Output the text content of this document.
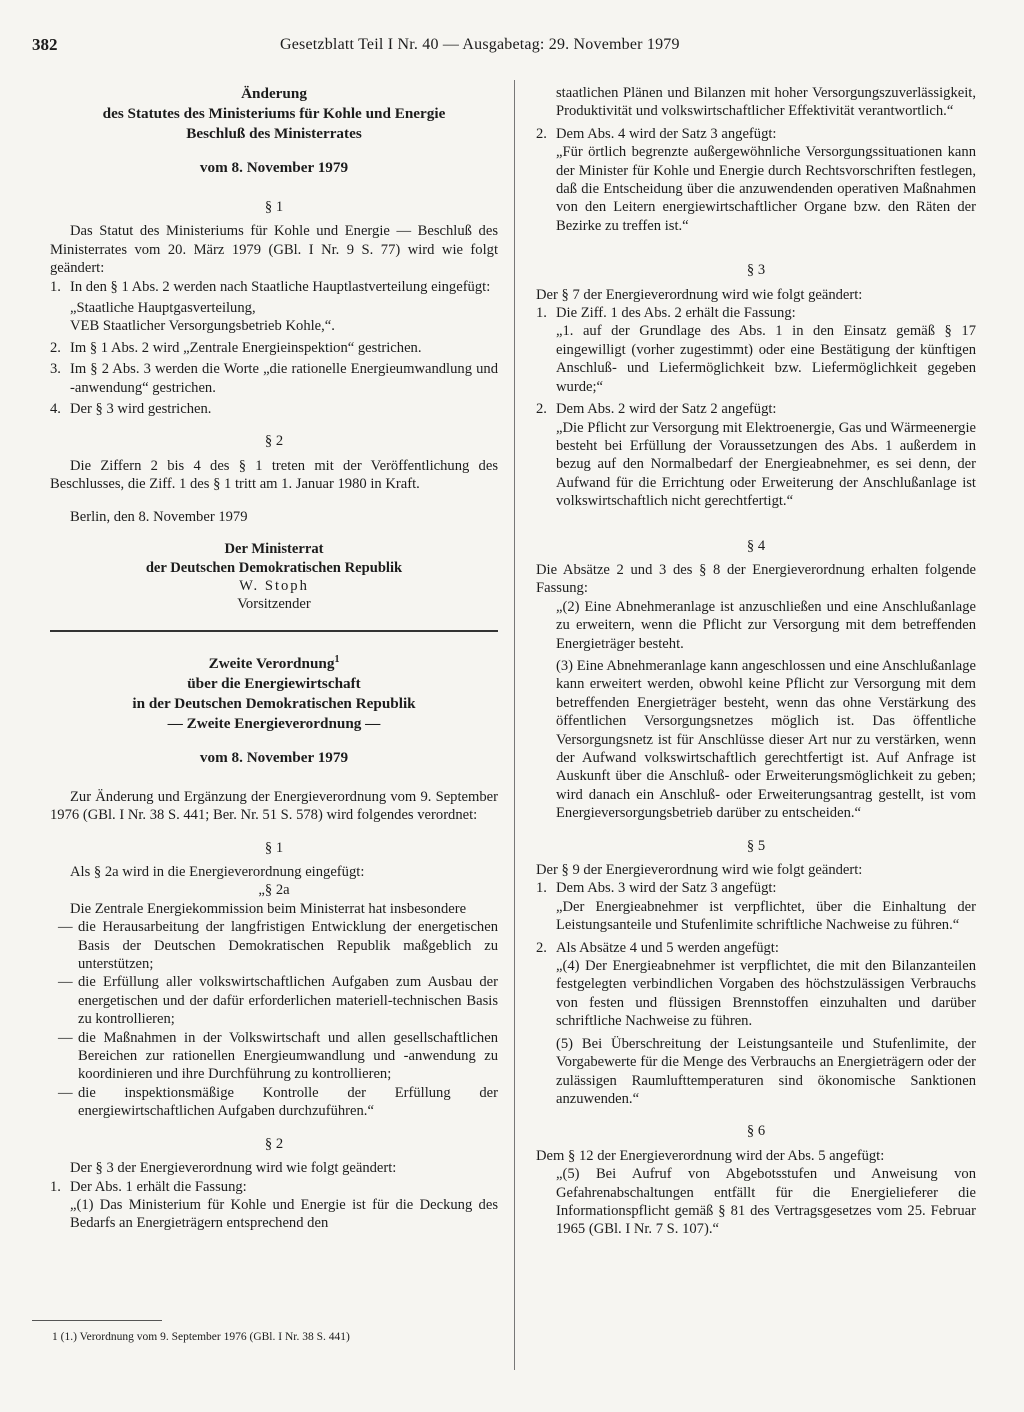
382	Gesetzblatt Teil I Nr. 40 — Ausgabetag: 29. November 1979

Änderung

des Statutes des Ministeriums für Kohle und Energie

Beschluß des Ministerrates

vom 8. November 1979

§ 1

Das Statut des Ministeriums für Kohle und Energie — Beschluß des Ministerrates vom 20. März 1979 (GBl. I Nr. 9 S. 77) wird wie folgt geändert:

1. In den § 1 Abs. 2 werden nach Staatliche Hauptlastverteilung eingefügt:

„Staatliche Hauptgasverteilung,

VEB Staatlicher Versorgungsbetrieb Kohle,“.

2. Im § 1 Abs. 2 wird „Zentrale Energieinspektion“ gestrichen.

3. Im § 2 Abs. 3 werden die Worte „die rationelle Energieumwandlung und -anwendung“ gestrichen.

4. Der § 3 wird gestrichen.

§ 2

Die Ziffern 2 bis 4 des § 1 treten mit der Veröffentlichung des Beschlusses, die Ziff. 1 des § 1 tritt am 1. Januar 1980 in Kraft.

Berlin, den 8. November 1979

Der Ministerrat

der Deutschen Demokratischen Republik

W. Stoph

Vorsitzender

Zweite Verordnung$^1$

über die Energiewirtschaft

in der Deutschen Demokratischen Republik

— Zweite Energieverordnung —

vom 8. November 1979

Zur Änderung und Ergänzung der Energieverordnung vom 9. September 1976 (GBl. I Nr. 38 S. 441; Ber. Nr. 51 S. 578) wird folgendes verordnet:

§ 1

Als § 2a wird in die Energieverordnung eingefügt:

„§ 2a

Die Zentrale Energiekommission beim Ministerrat hat insbesondere

— die Herausarbeitung der langfristigen Entwicklung der energetischen Basis der Deutschen Demokratischen Republik maßgeblich zu unterstützen;

— die Erfüllung aller volkswirtschaftlichen Aufgaben zum Ausbau der energetischen und der dafür erforderlichen materiell-technischen Basis zu kontrollieren;

— die Maßnahmen in der Volkswirtschaft und allen gesellschaftlichen Bereichen zur rationellen Energieumwandlung und -anwendung zu koordinieren und ihre Durchführung zu kontrollieren;

— die inspektionsmäßige Kontrolle der Erfüllung der energiewirtschaftlichen Aufgaben durchzuführen.“

§ 2

Der § 3 der Energieverordnung wird wie folgt geändert:

1. Der Abs. 1 erhält die Fassung:

„(1) Das Ministerium für Kohle und Energie ist für die Deckung des Bedarfs an Energieträgern entsprechend den

staatlichen Plänen und Bilanzen mit hoher Versorgungszuverlässigkeit, Produktivität und volkswirtschaftlicher Effektivität verantwortlich.“

2. Dem Abs. 4 wird der Satz 3 angefügt:

„Für örtlich begrenzte außergewöhnliche Versorgungssituationen kann der Minister für Kohle und Energie durch Rechtsvorschriften festlegen, daß die Entscheidung über die anzuwendenden operativen Maßnahmen von den Leitern energiewirtschaftlicher Organe bzw. den Räten der Bezirke zu treffen ist.“

§ 3

Der § 7 der Energieverordnung wird wie folgt geändert:

1. Die Ziff. 1 des Abs. 2 erhält die Fassung:

„1. auf der Grundlage des Abs. 1 in den Einsatz gemäß § 17 eingewilligt (vorher zugestimmt) oder eine Bestätigung der künftigen Anschluß- und Liefermöglichkeit bzw. Liefermöglichkeit gegeben wurde;“

2. Dem Abs. 2 wird der Satz 2 angefügt:

„Die Pflicht zur Versorgung mit Elektroenergie, Gas und Wärmeenergie besteht bei Erfüllung der Voraussetzungen des Abs. 1 außerdem in bezug auf den Normalbedarf der Energieabnehmer, es sei denn, der Aufwand für die Errichtung oder Erweiterung der Anschlußanlage ist volkswirtschaftlich nicht gerechtfertigt.“

§ 4

Die Absätze 2 und 3 des § 8 der Energieverordnung erhalten folgende Fassung:

„(2) Eine Abnehmeranlage ist anzuschließen und eine Anschlußanlage zu erweitern, wenn die Pflicht zur Versorgung mit dem betreffenden Energieträger besteht.

(3) Eine Abnehmeranlage kann angeschlossen und eine Anschlußanlage kann erweitert werden, obwohl keine Pflicht zur Versorgung mit dem betreffenden Energieträger besteht, wenn das ohne Verstärkung des öffentlichen Versorgungsnetzes möglich ist. Das öffentliche Versorgungsnetz ist für Anschlüsse dieser Art nur zu verstärken, wenn der Aufwand volkswirtschaftlich gerechtfertigt ist. Auf Anfrage ist Auskunft über die Anschluß- oder Erweiterungsmöglichkeit zu geben; wird danach ein Anschluß- oder Erweiterungsantrag gestellt, ist vom Energieversorgungsbetrieb darüber zu entscheiden.“

§ 5

Der § 9 der Energieverordnung wird wie folgt geändert:

1. Dem Abs. 3 wird der Satz 3 angefügt:

„Der Energieabnehmer ist verpflichtet, über die Einhaltung der Leistungsanteile und Stufenlimite schriftliche Nachweise zu führen.“

2. Als Absätze 4 und 5 werden angefügt:

„(4) Der Energieabnehmer ist verpflichtet, die mit den Bilanzanteilen festgelegten verbindlichen Vorgaben des höchstzulässigen Verbrauchs von festen und flüssigen Brennstoffen einzuhalten und darüber schriftliche Nachweise zu führen.

(5) Bei Überschreitung der Leistungsanteile und Stufenlimite, der Vorgabewerte für die Menge des Verbrauchs an Energieträgern oder der zulässigen Raumlufttemperaturen sind ökonomische Sanktionen anzuwenden.“

§ 6

Dem § 12 der Energieverordnung wird der Abs. 5 angefügt:

„(5) Bei Aufruf von Abgebotsstufen und Anweisung von Gefahrenabschaltungen entfällt für die Energielieferer die Informationspflicht gemäß § 81 des Vertragsgesetzes vom 25. Februar 1965 (GBl. I Nr. 7 S. 107).“

1 (1.) Verordnung vom 9. September 1976 (GBl. I Nr. 38 S. 441)
